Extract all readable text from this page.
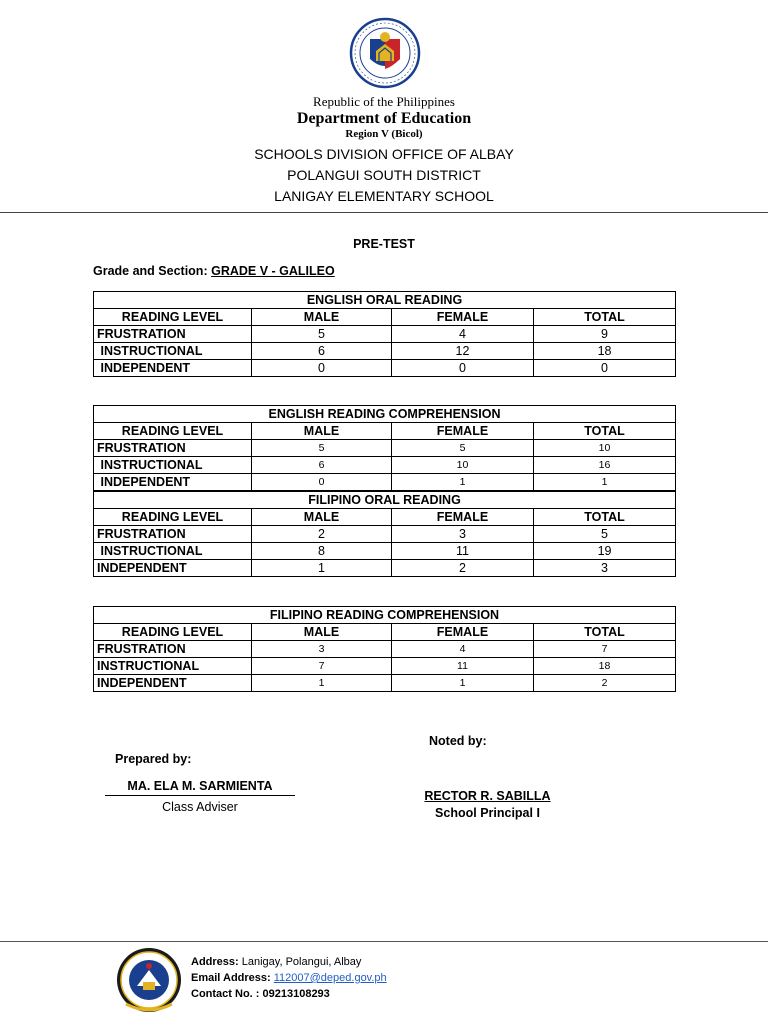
Republic of the Philippines
Department of Education
Region V (Bicol)
SCHOOLS DIVISION OFFICE OF ALBAY
POLANGUI SOUTH DISTRICT
LANIGAY ELEMENTARY SCHOOL
PRE-TEST
Grade and Section: GRADE V - GALILEO
ENGLISH ORAL READING			
READING LEVEL	MALE	FEMALE	TOTAL
FRUSTRATION	5	4	9
INSTRUCTIONAL	6	12	18
INDEPENDENT	0	0	0
ENGLISH READING COMPREHENSION			
READING LEVEL	MALE	FEMALE	TOTAL
FRUSTRATION	5	5	10
INSTRUCTIONAL	6	10	16
INDEPENDENT	0	1	1
FILIPINO ORAL READING			
READING LEVEL	MALE	FEMALE	TOTAL
FRUSTRATION	2	3	5
INSTRUCTIONAL	8	11	19
INDEPENDENT	1	2	3
FILIPINO READING COMPREHENSION			
READING LEVEL	MALE	FEMALE	TOTAL
FRUSTRATION	3	4	7
INSTRUCTIONAL	7	11	18
INDEPENDENT	1	1	2
Noted by:
Prepared by:
MA. ELA M. SARMIENTA
Class Adviser
RECTOR R. SABILLA
School Principal I
Address: Lanigay, Polangui, Albay
Email Address: 112007@deped.gov.ph
Contact No. : 09213108293
